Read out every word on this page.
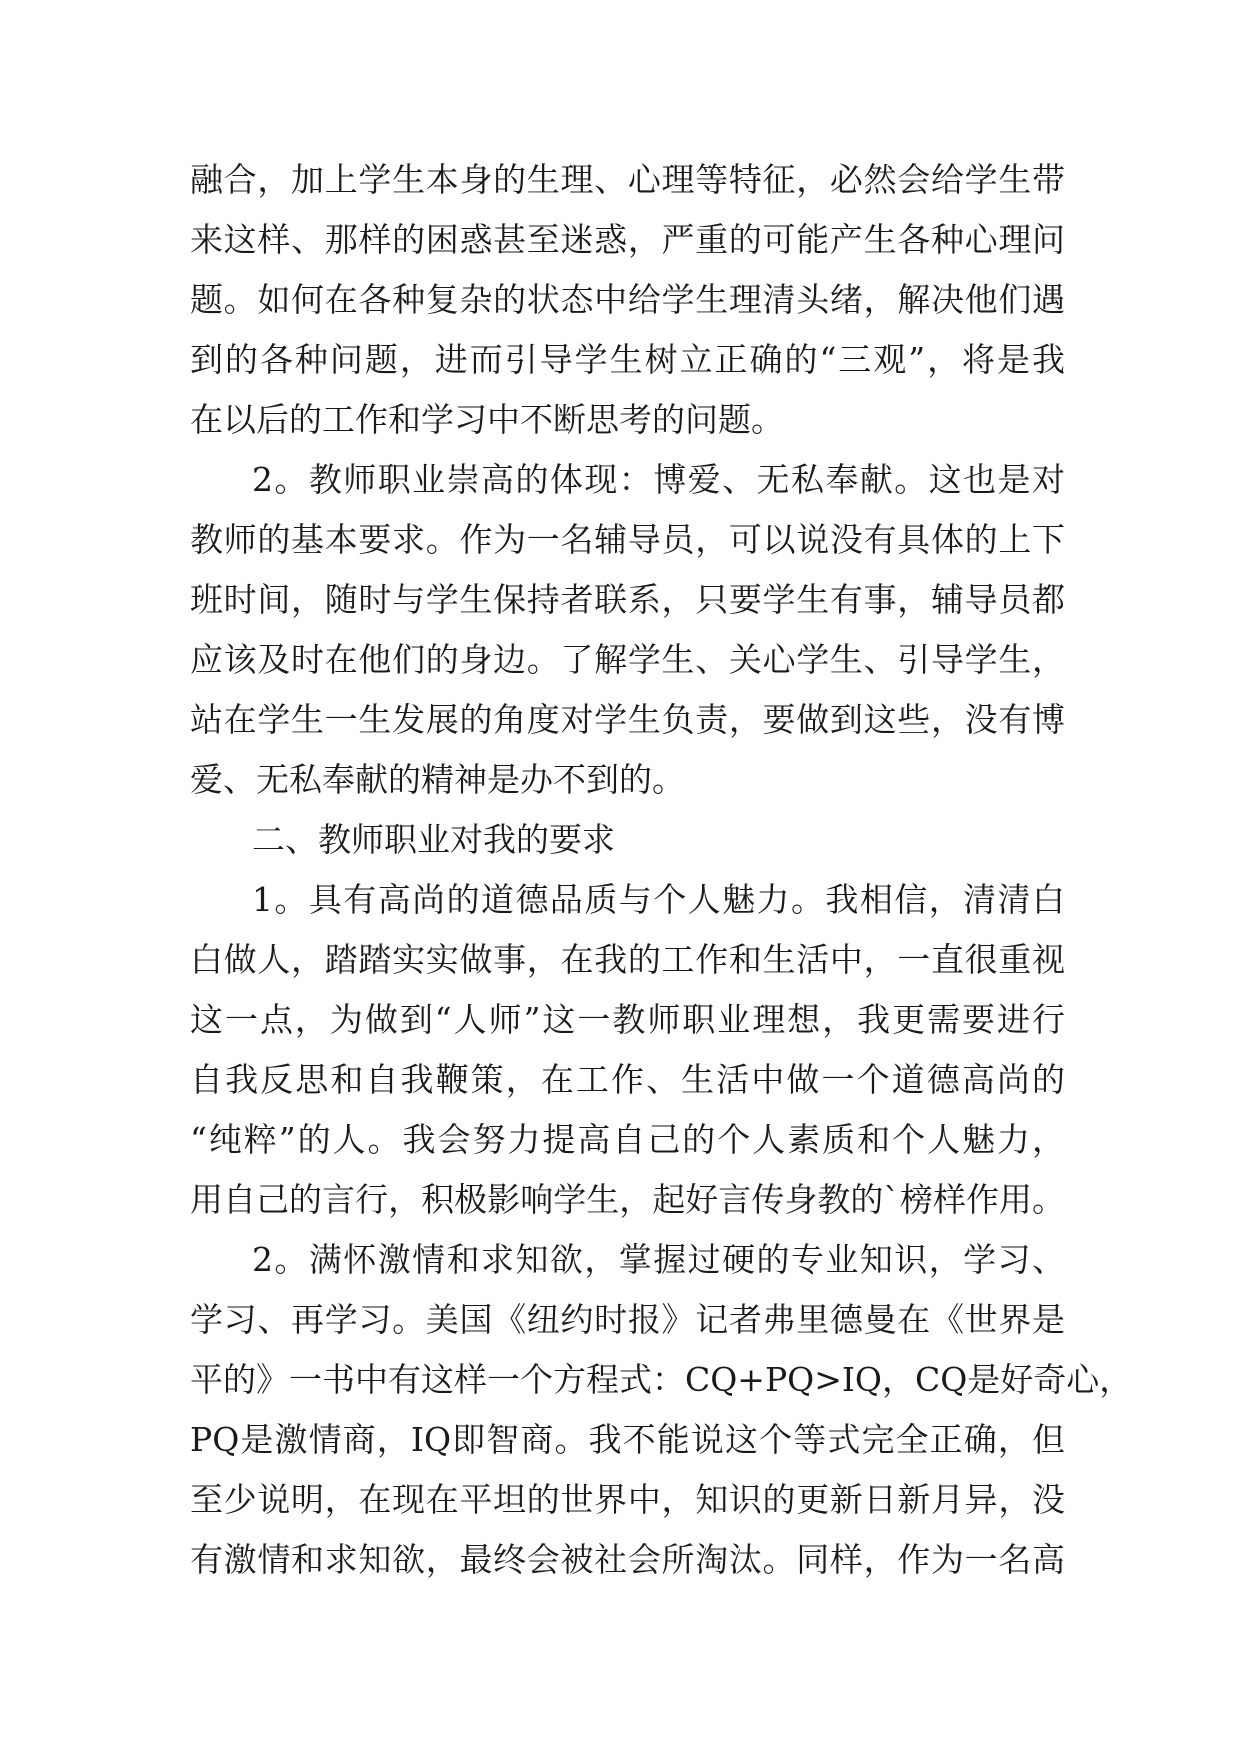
融合，加上学生本身的生理、心理等特征，必然会给学生带
来这样、那样的困惑甚至迷惑，严重的可能产生各种心理问
题。如何在各种复杂的状态中给学生理清头绪，解决他们遇
到的各种问题，进而引导学生树立正确的“三观”，将是我
在以后的工作和学习中不断思考的问题。
2。教师职业崇高的体现：博爱、无私奉献。这也是对
教师的基本要求。作为一名辅导员，可以说没有具体的上下
班时间，随时与学生保持者联系，只要学生有事，辅导员都
应该及时在他们的身边。了解学生、关心学生、引导学生，
站在学生一生发展的角度对学生负责，要做到这些，没有博
爱、无私奉献的精神是办不到的。
二、教师职业对我的要求
1。具有高尚的道德品质与个人魅力。我相信，清清白
白做人，踏踏实实做事，在我的工作和生活中，一直很重视
这一点，为做到“人师”这一教师职业理想，我更需要进行
自我反思和自我鞭策，在工作、生活中做一个道德高尚的
“纯粹”的人。我会努力提高自己的个人素质和个人魅力，
用自己的言行，积极影响学生，起好言传身教的`榜样作用。
2。满怀激情和求知欲，掌握过硬的专业知识，学习、
学习、再学习。美国《纽约时报》记者弗里德曼在《世界是
平的》一书中有这样一个方程式：CQ+PQ>IQ，CQ是好奇心，
PQ是激情商，IQ即智商。我不能说这个等式完全正确，但
至少说明，在现在平坦的世界中，知识的更新日新月异，没
有激情和求知欲，最终会被社会所淘汰。同样，作为一名高
